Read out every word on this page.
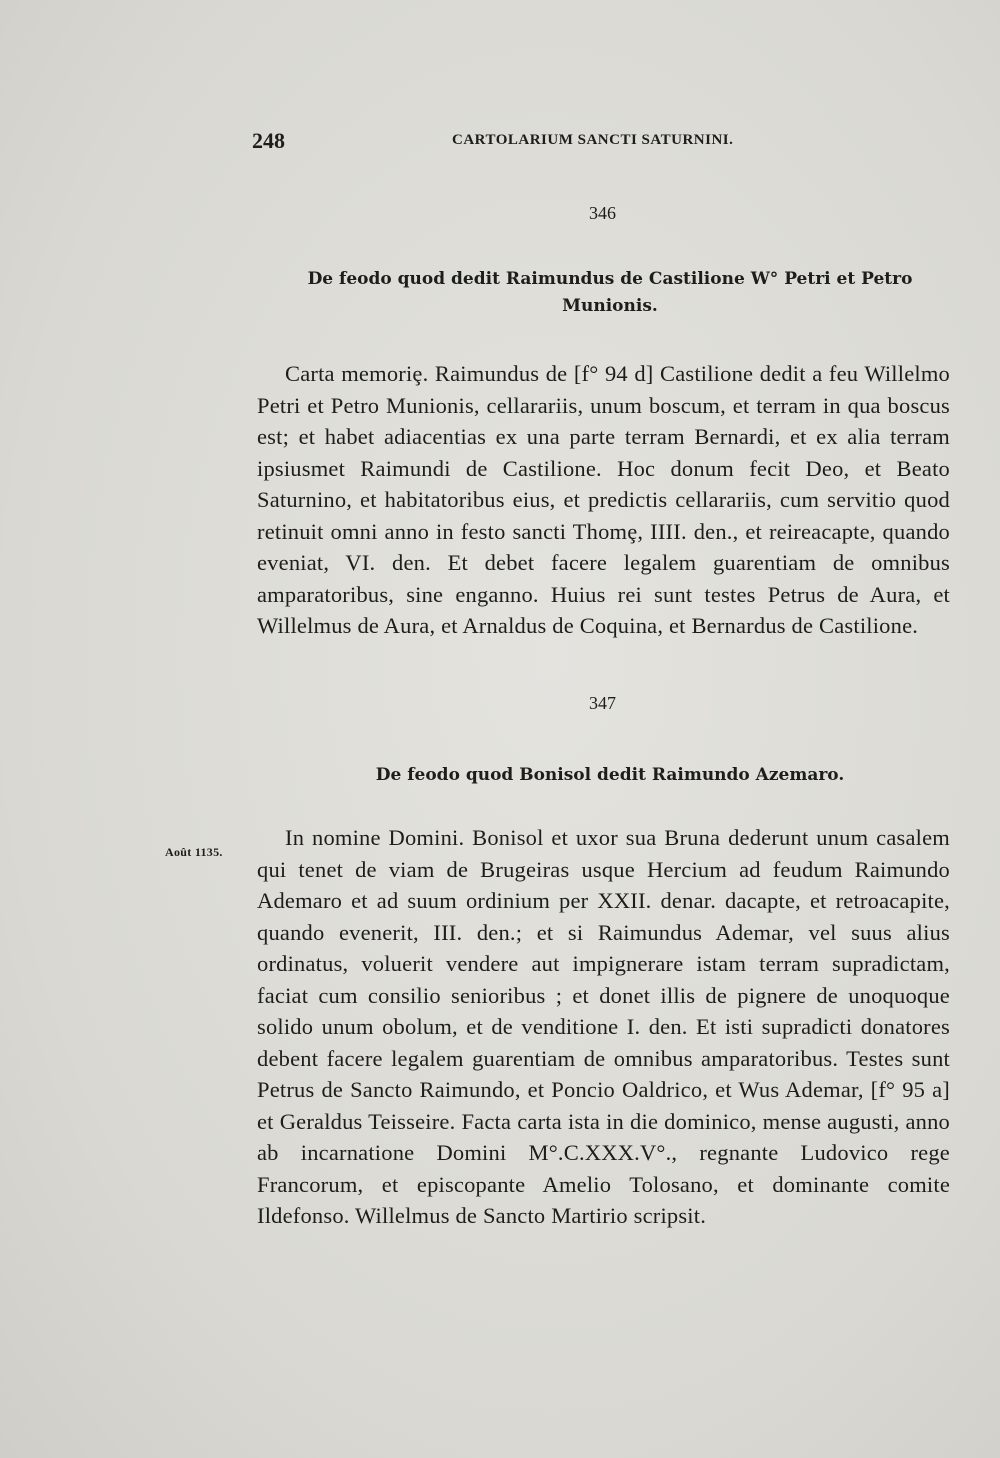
248	CARTOLARIUM SANCTI SATURNINI.
346
De feodo quod dedit Raimundus de Castilione W° Petri et Petro Munionis.
Carta memoriȩ. Raimundus de [f° 94 d] Castilione dedit a feu Willelmo Petri et Petro Munionis, cellarariis, unum boscum, et terram in qua boscus est; et habet adiacentias ex una parte terram Bernardi, et ex alia terram ipsiusmet Raimundi de Castilione. Hoc donum fecit Deo, et Beato Saturnino, et habitatoribus eius, et predictis cellarariis, cum servitio quod retinuit omni anno in festo sancti Thomȩ, IIII. den., et reireacapte, quando eveniat, VI. den. Et debet facere legalem guarentiam de omnibus amparatoribus, sine enganno. Huius rei sunt testes Petrus de Aura, et Willelmus de Aura, et Arnaldus de Coquina, et Bernardus de Castilione.
347
De feodo quod Bonisol dedit Raimundo Azemaro.
Août 1135.
In nomine Domini. Bonisol et uxor sua Bruna dederunt unum casalem qui tenet de viam de Brugeiras usque Hercium ad feudum Raimundo Ademaro et ad suum ordinium per XXII. denar. dacapte, et retroacapite, quando evenerit, III. den.; et si Raimundus Ademar, vel suus alius ordinatus, voluerit vendere aut impignerare istam terram supradictam, faciat cum consilio senioribus ; et donet illis de pignere de unoquoque solido unum obolum, et de venditione I. den. Et isti supradicti donatores debent facere legalem guarentiam de omnibus amparatoribus. Testes sunt Petrus de Sancto Raimundo, et Poncio Oaldrico, et Wus Ademar, [f° 95 a] et Geraldus Teisseire. Facta carta ista in die dominico, mense augusti, anno ab incarnatione Domini M°.C.XXX.V°., regnante Ludovico rege Francorum, et episcopante Amelio Tolosano, et dominante comite Ildefonso. Willelmus de Sancto Martirio scripsit.
